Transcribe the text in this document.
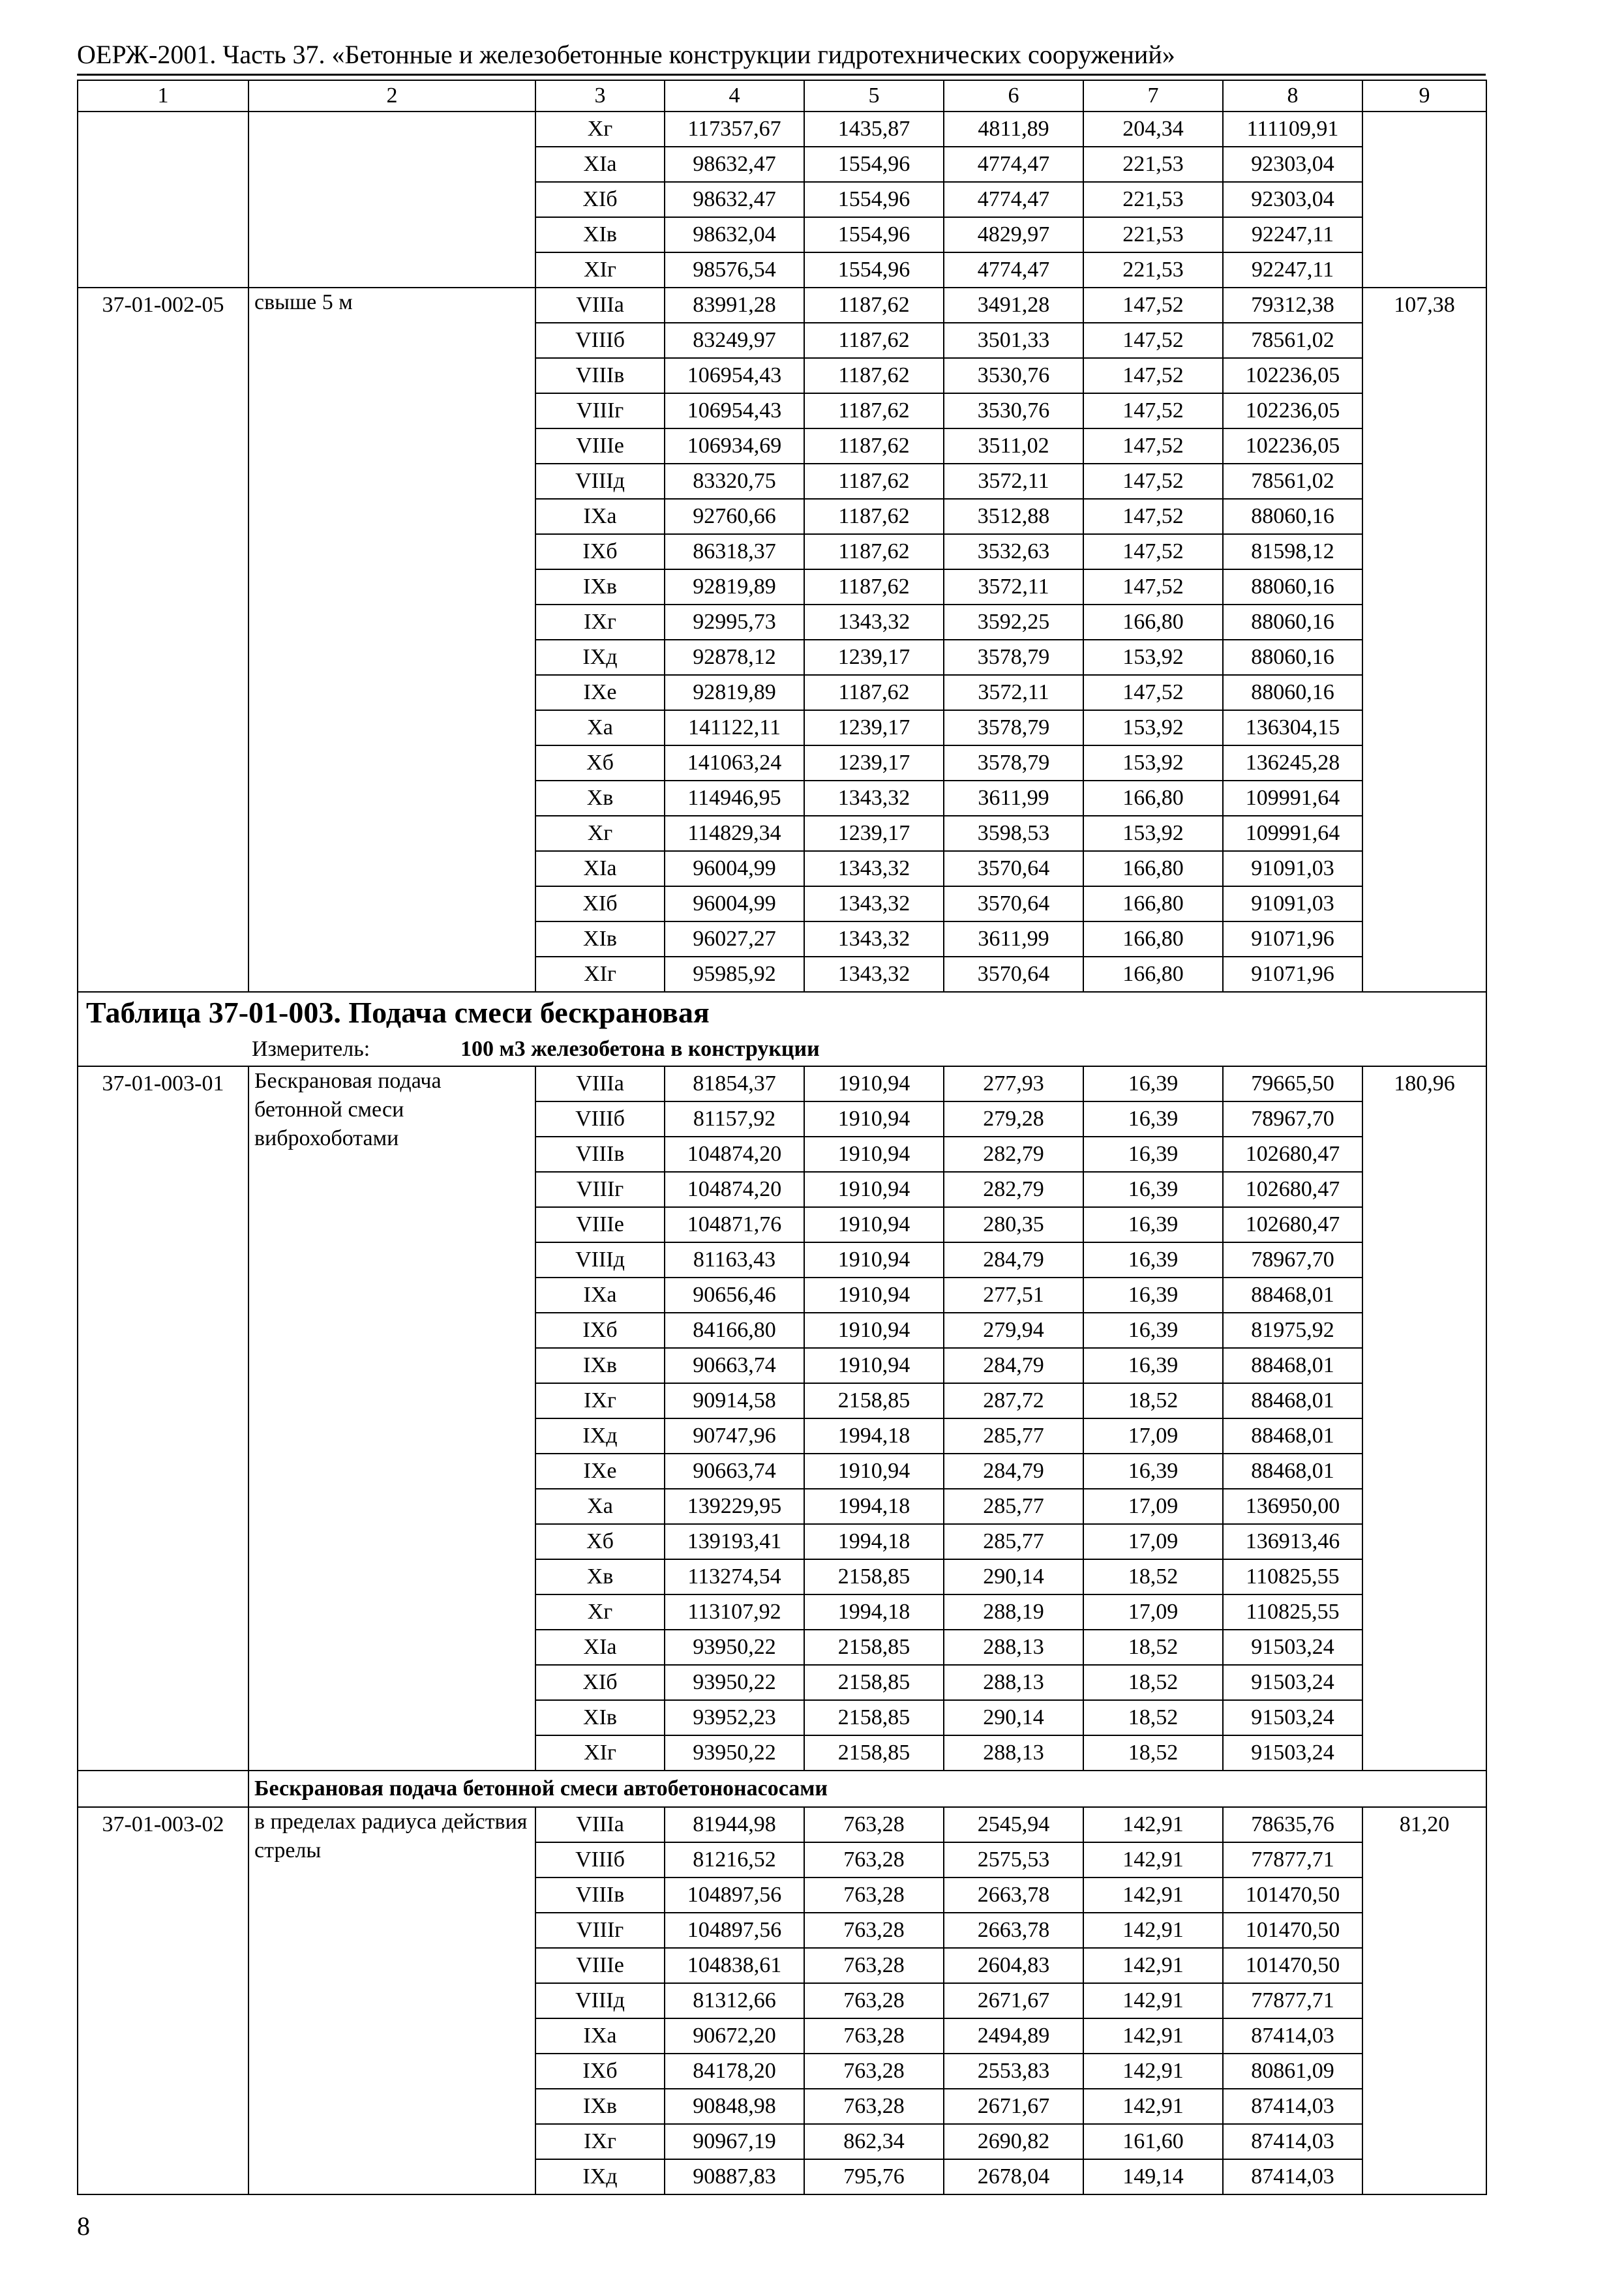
ОЕРЖ-2001. Часть 37. «Бетонные и железобетонные конструкции гидротехнических сооружений»
1	2	3	4	5	6	7	8	9
		Хг	117357,67	1435,87	4811,89	204,34	111109,91	
		XIа	98632,47	1554,96	4774,47	221,53	92303,04	
		XIб	98632,47	1554,96	4774,47	221,53	92303,04	
		XIв	98632,04	1554,96	4829,97	221,53	92247,11	
		XIг	98576,54	1554,96	4774,47	221,53	92247,11	
37-01-002-05	свыше 5 м	VIIIа	83991,28	1187,62	3491,28	147,52	79312,38	107,38
		VIIIб	83249,97	1187,62	3501,33	147,52	78561,02	
		VIIIв	106954,43	1187,62	3530,76	147,52	102236,05	
		VIIIг	106954,43	1187,62	3530,76	147,52	102236,05	
		VIIIе	106934,69	1187,62	3511,02	147,52	102236,05	
		VIIIд	83320,75	1187,62	3572,11	147,52	78561,02	
		IXа	92760,66	1187,62	3512,88	147,52	88060,16	
		IXб	86318,37	1187,62	3532,63	147,52	81598,12	
		IXв	92819,89	1187,62	3572,11	147,52	88060,16	
		IXг	92995,73	1343,32	3592,25	166,80	88060,16	
		IXд	92878,12	1239,17	3578,79	153,92	88060,16	
		IXе	92819,89	1187,62	3572,11	147,52	88060,16	
		Ха	141122,11	1239,17	3578,79	153,92	136304,15	
		Хб	141063,24	1239,17	3578,79	153,92	136245,28	
		Хв	114946,95	1343,32	3611,99	166,80	109991,64	
		Хг	114829,34	1239,17	3598,53	153,92	109991,64	
		XIа	96004,99	1343,32	3570,64	166,80	91091,03	
		XIб	96004,99	1343,32	3570,64	166,80	91091,03	
		XIв	96027,27	1343,32	3611,99	166,80	91071,96	
		XIг	95985,92	1343,32	3570,64	166,80	91071,96	
Таблица 37-01-003. Подача смеси бескрановая								
Измеритель: 100 м3 железобетона в конструкции								
37-01-003-01	Бескрановая подача бетонной смеси виброхоботами	VIIIа	81854,37	1910,94	277,93	16,39	79665,50	180,96
		VIIIб	81157,92	1910,94	279,28	16,39	78967,70	
		VIIIв	104874,20	1910,94	282,79	16,39	102680,47	
		VIIIг	104874,20	1910,94	282,79	16,39	102680,47	
		VIIIе	104871,76	1910,94	280,35	16,39	102680,47	
		VIIIд	81163,43	1910,94	284,79	16,39	78967,70	
		IXа	90656,46	1910,94	277,51	16,39	88468,01	
		IXб	84166,80	1910,94	279,94	16,39	81975,92	
		IXв	90663,74	1910,94	284,79	16,39	88468,01	
		IXг	90914,58	2158,85	287,72	18,52	88468,01	
		IXд	90747,96	1994,18	285,77	17,09	88468,01	
		IXе	90663,74	1910,94	284,79	16,39	88468,01	
		Ха	139229,95	1994,18	285,77	17,09	136950,00	
		Хб	139193,41	1994,18	285,77	17,09	136913,46	
		Хв	113274,54	2158,85	290,14	18,52	110825,55	
		Хг	113107,92	1994,18	288,19	17,09	110825,55	
		XIа	93950,22	2158,85	288,13	18,52	91503,24	
		XIб	93950,22	2158,85	288,13	18,52	91503,24	
		XIв	93952,23	2158,85	290,14	18,52	91503,24	
		XIг	93950,22	2158,85	288,13	18,52	91503,24	
	Бескрановая подача бетонной смеси автобетононасосами							
37-01-003-02	в пределах радиуса действия стрелы	VIIIа	81944,98	763,28	2545,94	142,91	78635,76	81,20
		VIIIб	81216,52	763,28	2575,53	142,91	77877,71	
		VIIIв	104897,56	763,28	2663,78	142,91	101470,50	
		VIIIг	104897,56	763,28	2663,78	142,91	101470,50	
		VIIIе	104838,61	763,28	2604,83	142,91	101470,50	
		VIIIд	81312,66	763,28	2671,67	142,91	77877,71	
		IXа	90672,20	763,28	2494,89	142,91	87414,03	
		IXб	84178,20	763,28	2553,83	142,91	80861,09	
		IXв	90848,98	763,28	2671,67	142,91	87414,03	
		IXг	90967,19	862,34	2690,82	161,60	87414,03	
		IXд	90887,83	795,76	2678,04	149,14	87414,03	
8
